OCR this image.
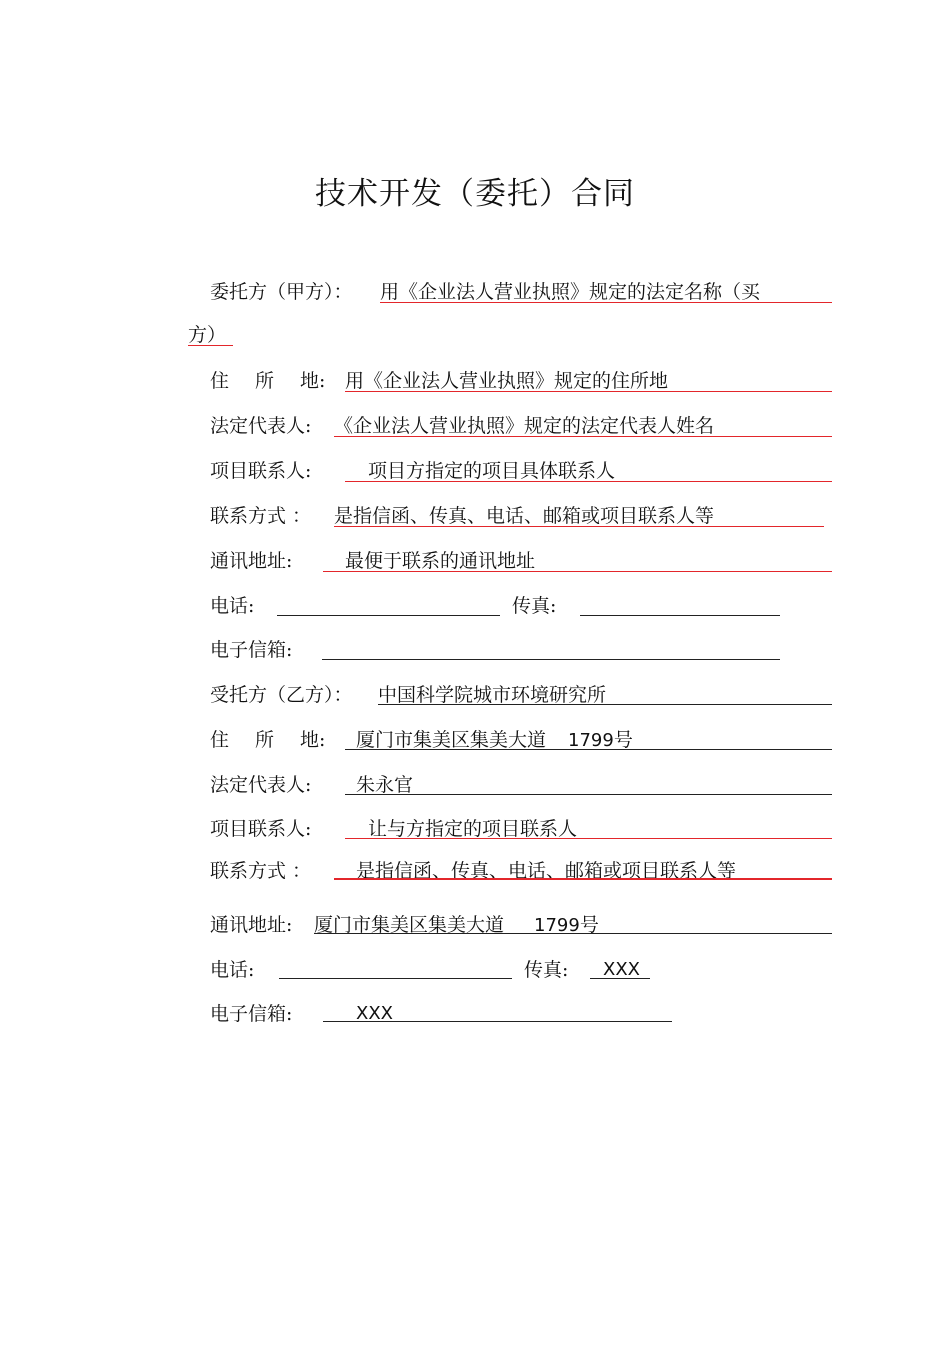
技术开发（委托）合同
委托方（甲方）： 用《企业法人营业执照》规定的法定名称（买
方）
住 所 地: 用《企业法人营业执照》规定的住所地
法定代表人: 《企业法人营业执照》规定的法定代表人姓名
项目联系人:	项目方指定的项目具体联系人
联系方式 ： 是指信函、传真、电话、邮箱或项目联系人等
通讯地址:	最便于联系的通讯地址
电话:	传真:
电子信箱:
受托方（乙方）： 中国科学院城市环境研究所
住 所 地: 厦门市集美区集美大道 1799号
法定代表人: 朱永官
项目联系人:	让与方指定的项目联系人
联系方式 ： 是指信函、传真、电话、邮箱或项目联系人等
通讯地址: 厦门市集美区集美大道 1799号
电话:	传真: XXX
电子信箱:	XXX
